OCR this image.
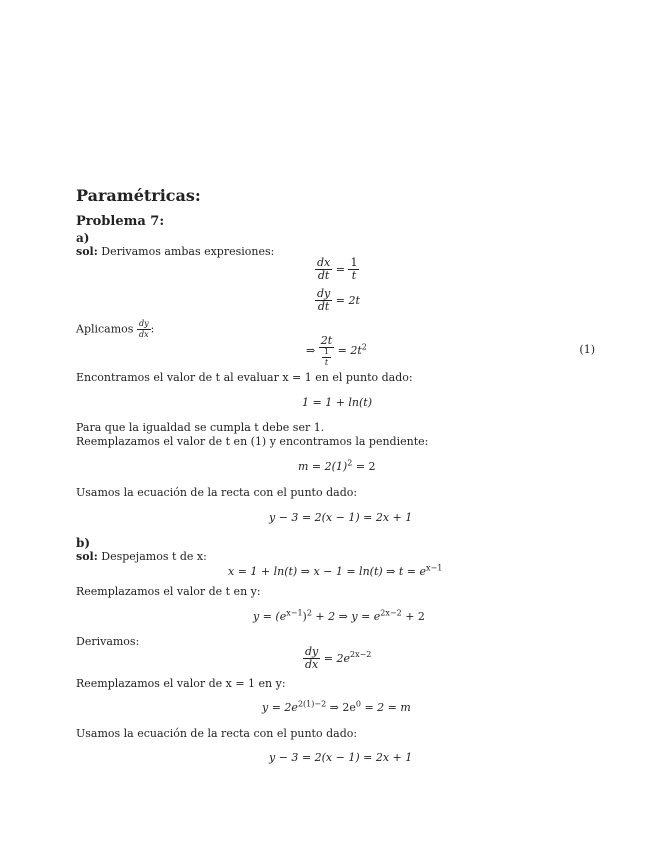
Paramétricas:
Problema 7:
a)
sol: Derivamos ambas expresiones:
$\frac{dx}{dt} = \frac{1}{t}$
$\frac{dy}{dt} = 2t$
Aplicamos $\frac{dy}{dx}$ :
⇒ $\frac{2t}{\frac{1}{t}} = 2t^2$	(1)
Encontramos el valor de t al evaluar x = 1 en el punto dado:
1 = 1 + ln(t)
Para que la igualdad se cumpla t debe ser 1.
Reemplazamos el valor de t en (1) y encontramos la pendiente:
$m = 2(1)^2 = 2$
Usamos la ecuación de la recta con el punto dado:
y − 3 = 2(x − 1) = 2x + 1
b)
sol: Despejamos t de x:
x = 1 + ln(t) ⇒ x − 1 = ln(t) ⇒ $t = e^{x-1}$
Reemplazamos el valor de t en y:
$y = (e^{x-1})^2 + 2$ ⇒ $y = e^{2x-2} + 2$
Derivamos:
$\frac{dy}{dx} = 2e^{2x-2}$
Reemplazamos el valor de x = 1 en y:
$y = 2e^{2(1)-2}$ ⇒ $2e^0 = 2 = m$
Usamos la ecuación de la recta con el punto dado:
y − 3 = 2(x − 1) = 2x + 1
